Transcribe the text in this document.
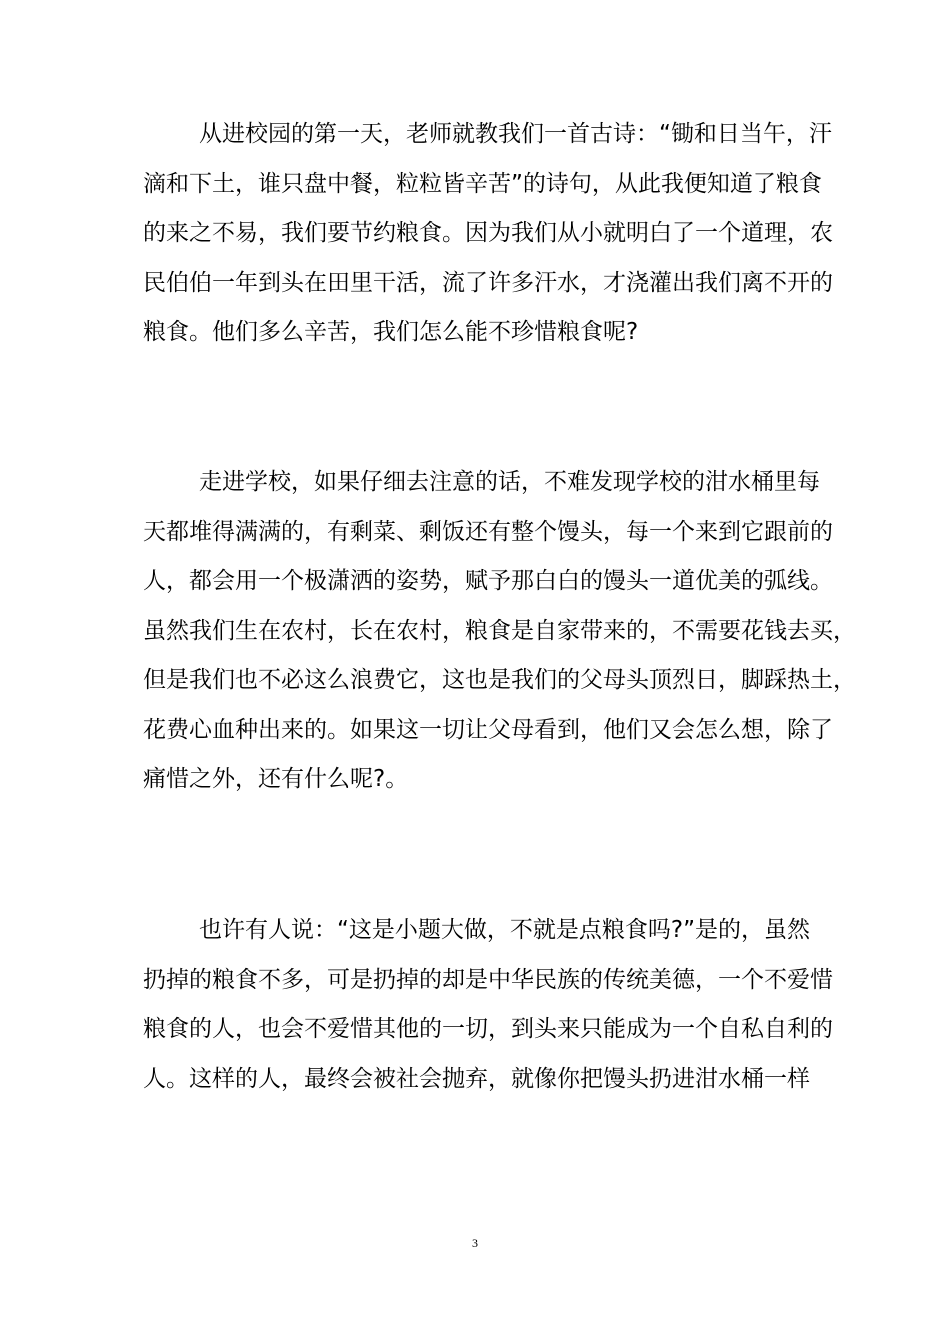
从进校园的第一天，老师就教我们一首古诗：“锄和日当午，汗
滴和下土，谁只盘中餐，粒粒皆辛苦”的诗句，从此我便知道了粮食
的来之不易，我们要节约粮食。因为我们从小就明白了一个道理，农
民伯伯一年到头在田里干活，流了许多汗水，才浇灌出我们离不开的
粮食。他们多么辛苦，我们怎么能不珍惜粮食呢?
走进学校，如果仔细去注意的话，不难发现学校的泔水桶里每
天都堆得满满的，有剩菜、剩饭还有整个馒头，每一个来到它跟前的
人，都会用一个极潇洒的姿势，赋予那白白的馒头一道优美的弧线。
虽然我们生在农村，长在农村，粮食是自家带来的，不需要花钱去买，
但是我们也不必这么浪费它，这也是我们的父母头顶烈日，脚踩热土，
花费心血种出来的。如果这一切让父母看到，他们又会怎么想，除了
痛惜之外，还有什么呢?。
也许有人说：“这是小题大做，不就是点粮食吗?”是的，虽然
扔掉的粮食不多，可是扔掉的却是中华民族的传统美德，一个不爱惜
粮食的人，也会不爱惜其他的一切，到头来只能成为一个自私自利的
人。这样的人，最终会被社会抛弃，就像你把馒头扔进泔水桶一样
3
